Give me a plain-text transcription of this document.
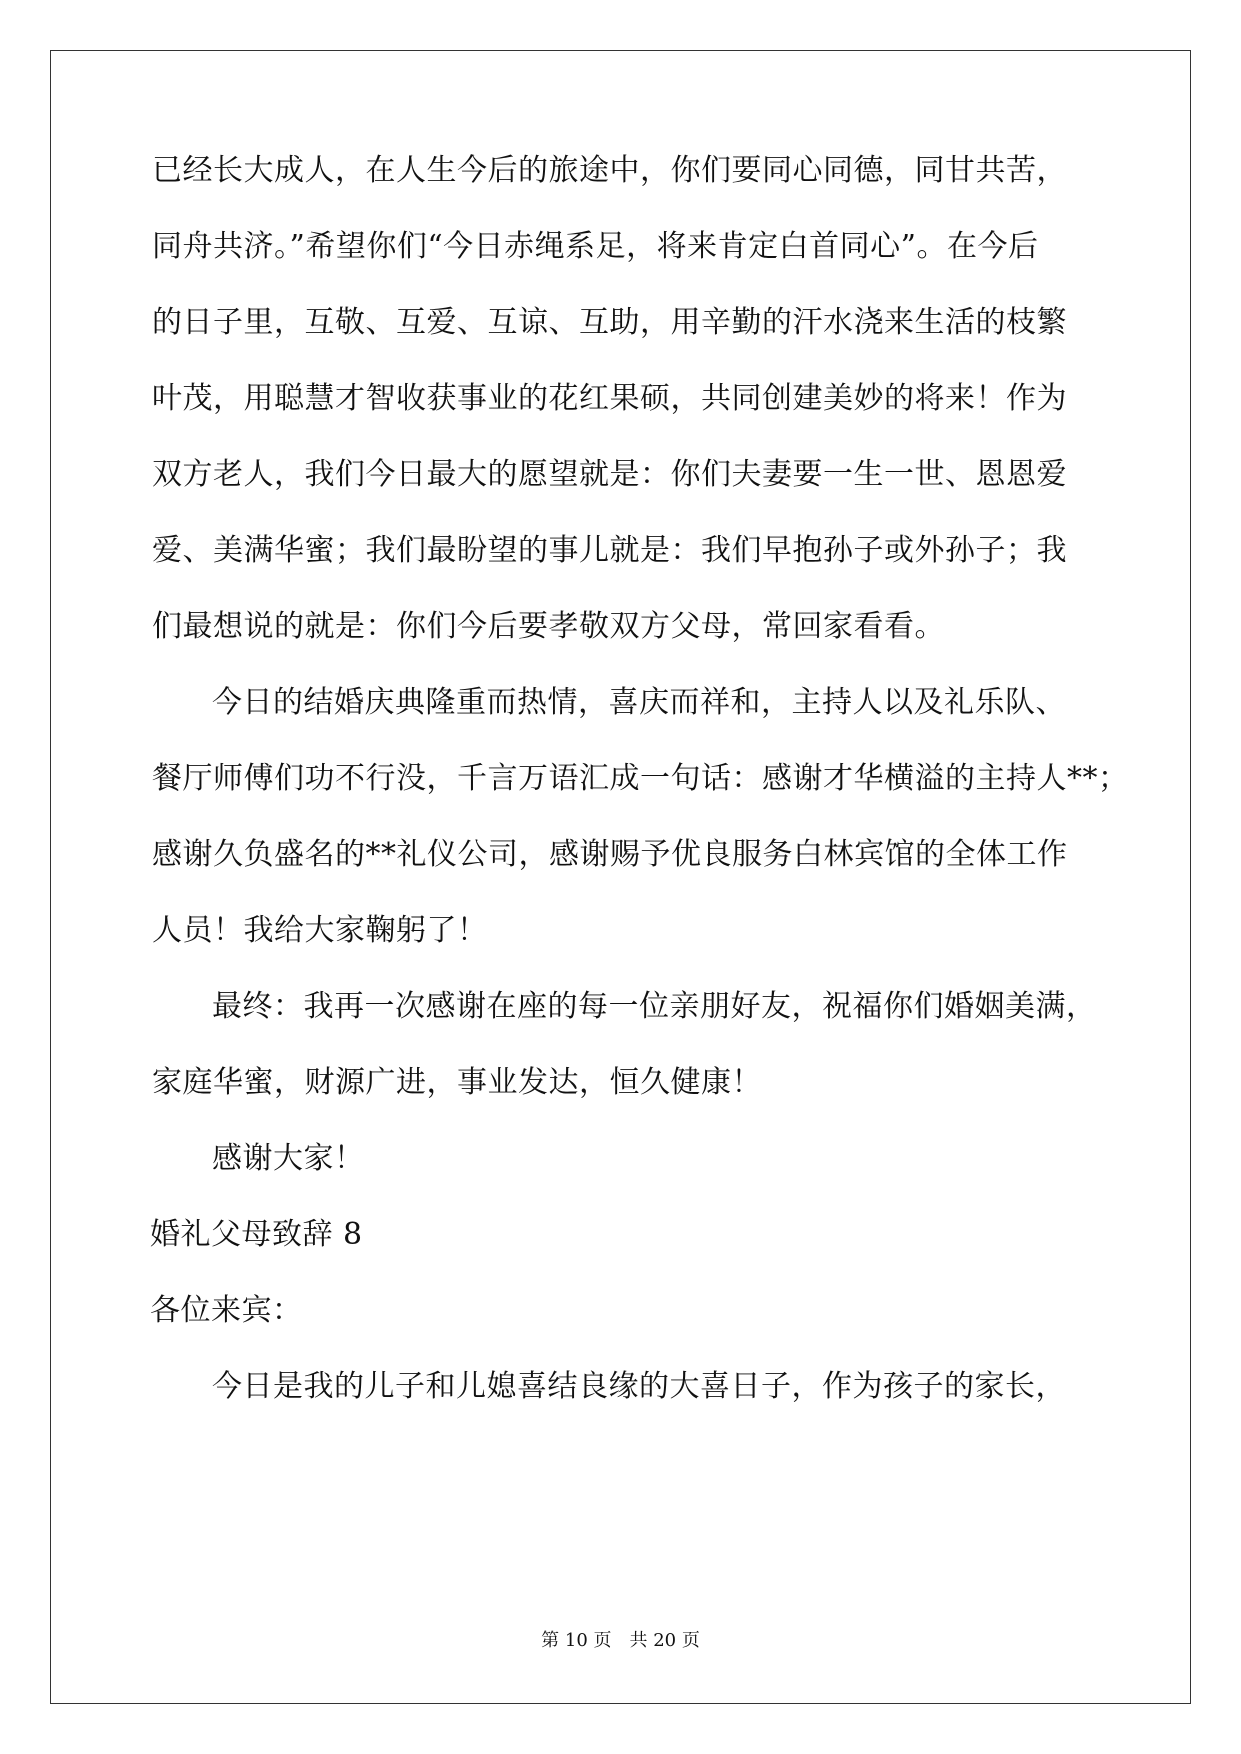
已经长大成人，在人生今后的旅途中，你们要同心同德，同甘共苦，
同舟共济。”希望你们“今日赤绳系足，将来肯定白首同心”。在今后
的日子里，互敬、互爱、互谅、互助，用辛勤的汗水浇来生活的枝繁
叶茂，用聪慧才智收获事业的花红果硕，共同创建美妙的将来！作为
双方老人，我们今日最大的愿望就是：你们夫妻要一生一世、恩恩爱
爱、美满华蜜；我们最盼望的事儿就是：我们早抱孙子或外孙子；我
们最想说的就是：你们今后要孝敬双方父母，常回家看看。
今日的结婚庆典隆重而热情，喜庆而祥和，主持人以及礼乐队、
餐厅师傅们功不行没，千言万语汇成一句话：感谢才华横溢的主持人**；
感谢久负盛名的**礼仪公司，感谢赐予优良服务白林宾馆的全体工作
人员！我给大家鞠躬了！
最终：我再一次感谢在座的每一位亲朋好友，祝福你们婚姻美满，
家庭华蜜，财源广进，事业发达，恒久健康！
感谢大家！
婚礼父母致辞 8
各位来宾：
今日是我的儿子和儿媳喜结良缘的大喜日子，作为孩子的家长，
第 10 页 共 20 页
